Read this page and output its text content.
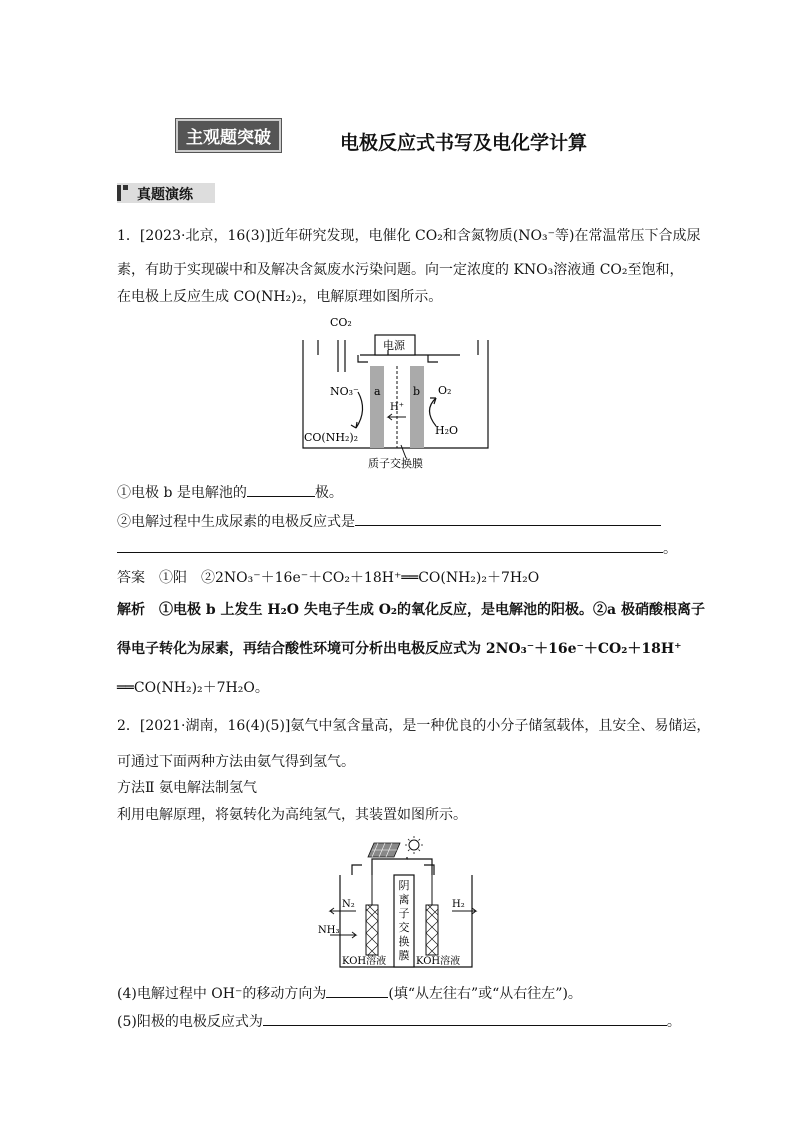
主观题突破	电极反应式书写及电化学计算
真题演练
1．[2023·北京，16(3)]近年研究发现，电催化 CO₂和含氮物质(NO₃⁻等)在常温常压下合成尿
素，有助于实现碳中和及解决含氮废水污染问题。向一定浓度的 KNO₃溶液通 CO₂至饱和，
在电极上反应生成 CO(NH₂)₂，电解原理如图所示。
CO₂
电源
NO₃⁻ a	b
H⁺
O₂
H₂O
CO(NH₂)₂
质子交换膜
①电极 b 是电解池的	极。
②电解过程中生成尿素的电极反应式是
。
答案　①阳　②2NO₃⁻＋16e⁻＋CO₂＋18H⁺══CO(NH₂)₂＋7H₂O
解析　①电极 b 上发生 H₂O 失电子生成 O₂的氧化反应，是电解池的阳极。②a 极硝酸根离子
得电子转化为尿素，再结合酸性环境可分析出电极反应式为 2NO₃⁻＋16e⁻＋CO₂＋18H⁺
══CO(NH₂)₂＋7H₂O。
2．[2021·湖南，16(4)(5)]氨气中氢含量高，是一种优良的小分子储氢载体，且安全、易储运，
可通过下面两种方法由氨气得到氢气。
方法Ⅱ 氨电解法制氢气
利用电解原理，将氨转化为高纯氢气，其装置如图所示。
N₂
NH₃
H₂
阴
离
子
交
换
膜
KOH溶液	KOH溶液
(4)电解过程中 OH⁻的移动方向为	(填“从左往右”或“从右往左”)。
(5)阳极的电极反应式为	。
